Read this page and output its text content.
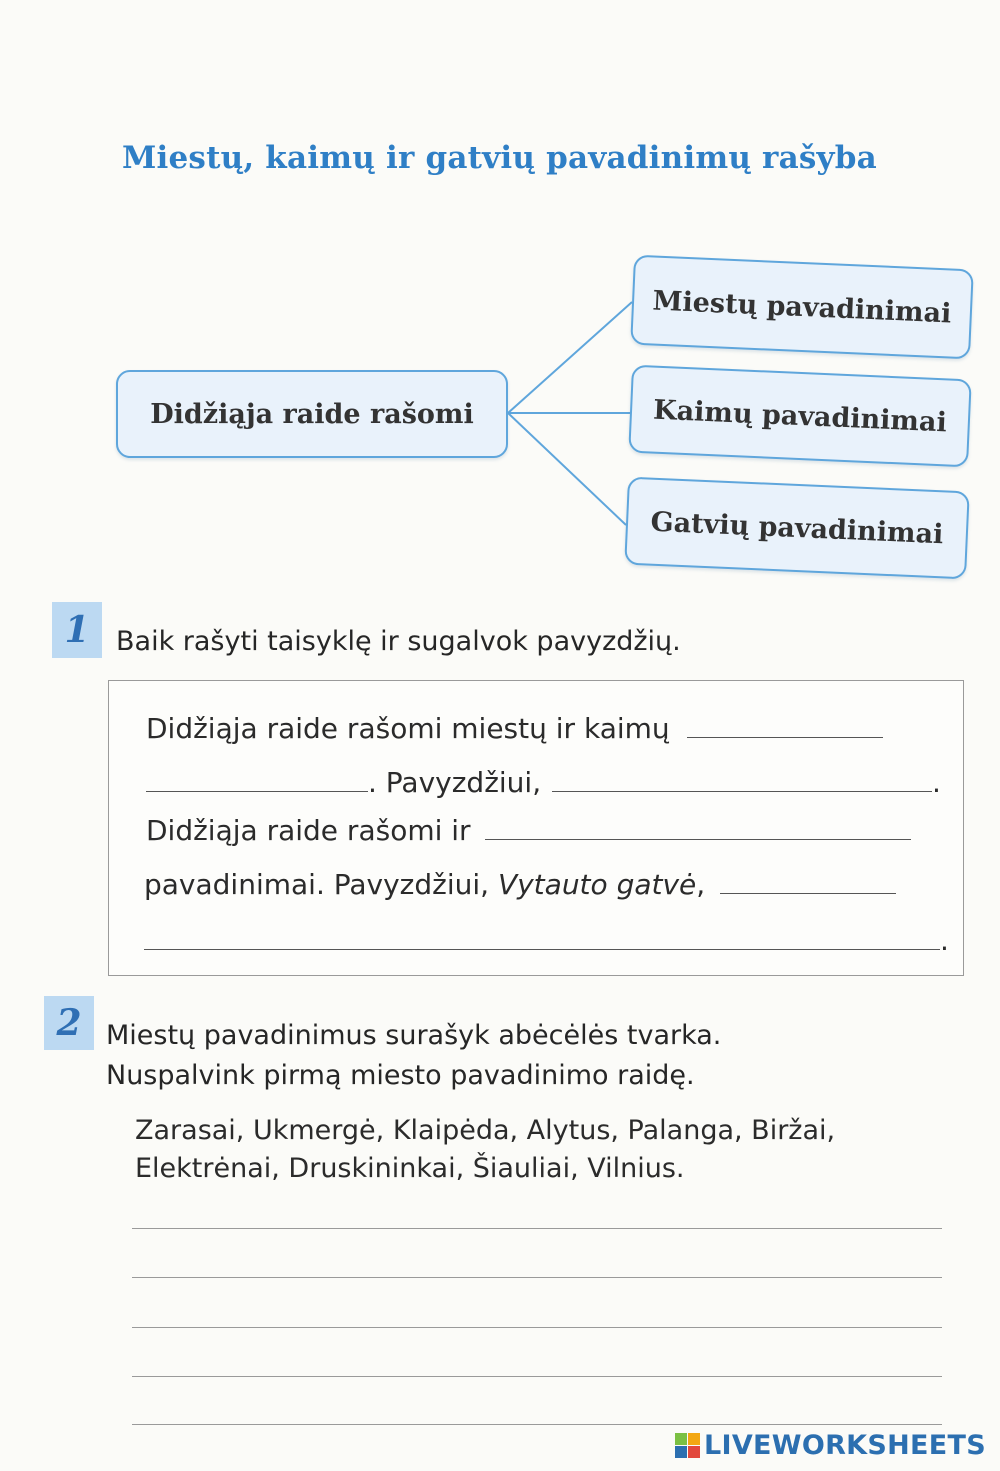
Miestų, kaimų ir gatvių pavadinimų rašyba
Didžiąja raide rašomi
Miestų pavadinimai
Kaimų pavadinimai
Gatvių pavadinimai
1 Baik rašyti taisyklę ir sugalvok pavyzdžių.
Didžiąja raide rašomi miestų ir kaimų
. Pavyzdžiui,	.
Didžiąja raide rašomi ir
pavadinimai. Pavyzdžiui, Vytauto gatvė,
.
2 Miestų pavadinimus surašyk abėcėlės tvarka.
Nuspalvink pirmą miesto pavadinimo raidę.
Zarasai, Ukmergė, Klaipėda, Alytus, Palanga, Biržai,
Elektrėnai, Druskininkai, Šiauliai, Vilnius.
LIVEWORKSHEETS
